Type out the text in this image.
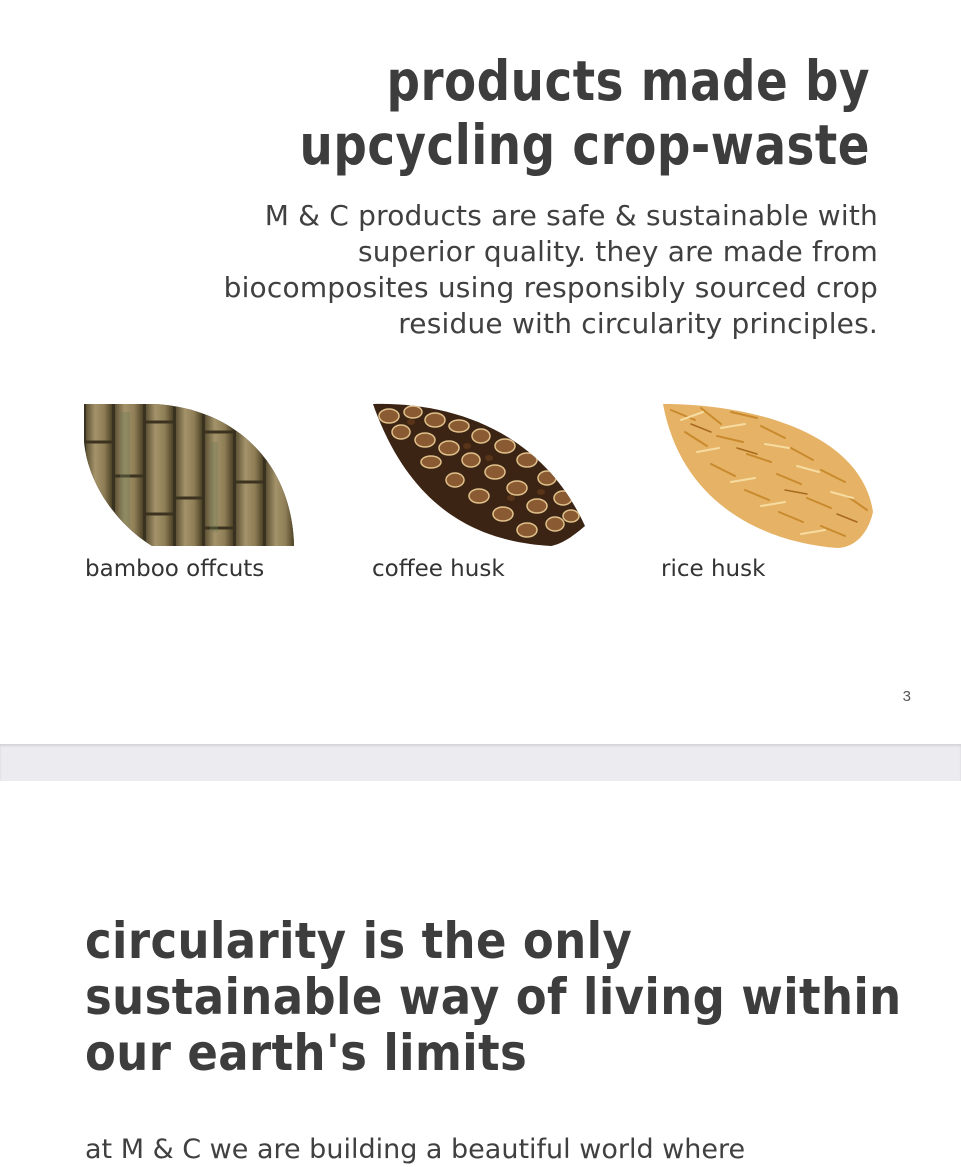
products made by
upcycling crop-waste
M & C products are safe & sustainable with
superior quality. they are made from
biocomposites using responsibly sourced crop
residue with circularity principles.
bamboo offcuts	coffee husk	rice husk
3
circularity is the only
sustainable way of living within
our earth's limits
at M & C we are building a beautiful world where
